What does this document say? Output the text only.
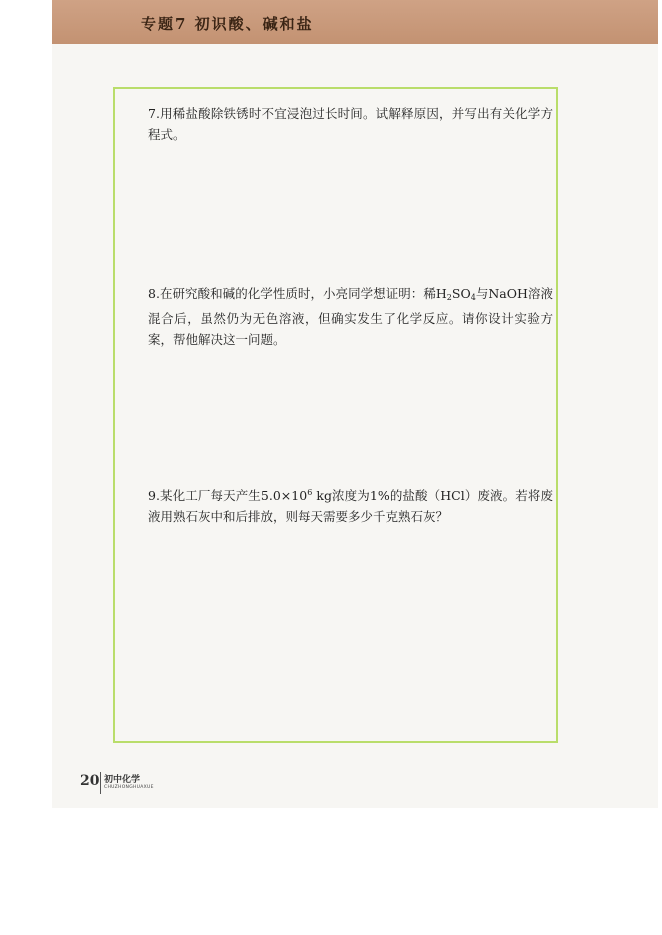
专题7 初识酸、碱和盐

7.用稀盐酸除铁锈时不宜浸泡过长时间。试解释原因，并写出有关化学方程式。

8.在研究酸和碱的化学性质时，小亮同学想证明：稀$H_2SO_4$与NaOH溶液混合后，虽然仍为无色溶液，但确实发生了化学反应。请你设计实验方案，帮他解决这一问题。

9.某化工厂每天产生$5.0\times 10^6$ kg浓度为1%的盐酸（HCl）废液。若将废液用熟石灰中和后排放，则每天需要多少千克熟石灰？

20 初中化学
CHUZHONGHUAXUE
